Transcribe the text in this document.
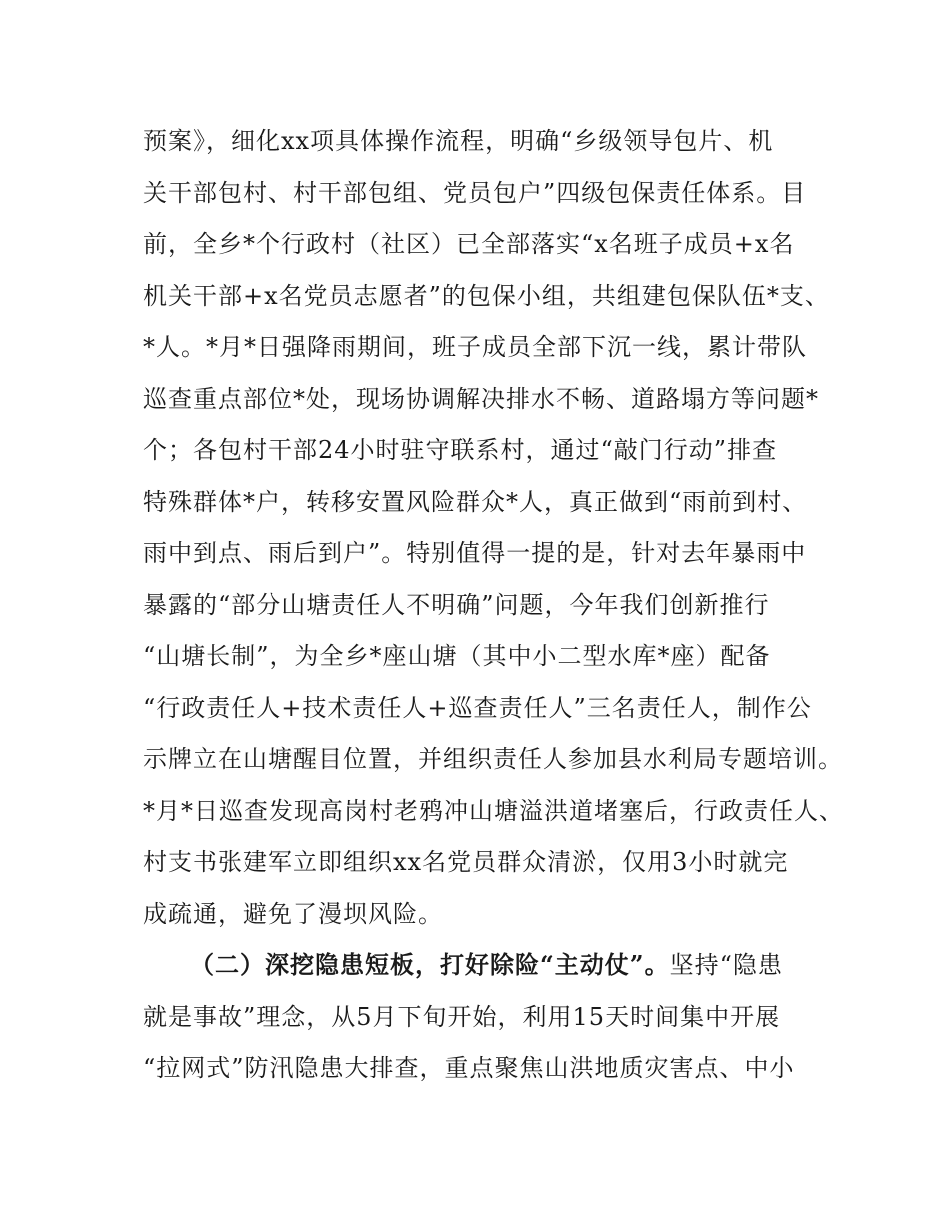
预案》，细化xx项具体操作流程，明确“乡级领导包片、机
关干部包村、村干部包组、党员包户”四级包保责任体系。目
前，全乡*个行政村（社区）已全部落实“x名班子成员+x名
机关干部+x名党员志愿者”的包保小组，共组建包保队伍*支、
*人。*月*日强降雨期间，班子成员全部下沉一线，累计带队
巡查重点部位*处，现场协调解决排水不畅、道路塌方等问题*
个；各包村干部24小时驻守联系村，通过“敲门行动”排查
特殊群体*户，转移安置风险群众*人，真正做到“雨前到村、
雨中到点、雨后到户”。特别值得一提的是，针对去年暴雨中
暴露的“部分山塘责任人不明确”问题，今年我们创新推行
“山塘长制”，为全乡*座山塘（其中小二型水库*座）配备
“行政责任人+技术责任人+巡查责任人”三名责任人，制作公
示牌立在山塘醒目位置，并组织责任人参加县水利局专题培训。
*月*日巡查发现高岗村老鸦冲山塘溢洪道堵塞后，行政责任人、
村支书张建军立即组织xx名党员群众清淤，仅用3小时就完
成疏通，避免了漫坝风险。
（二）深挖隐患短板，打好除险“主动仗”。坚持“隐患
就是事故”理念，从5月下旬开始，利用15天时间集中开展
“拉网式”防汛隐患大排查，重点聚焦山洪地质灾害点、中小
